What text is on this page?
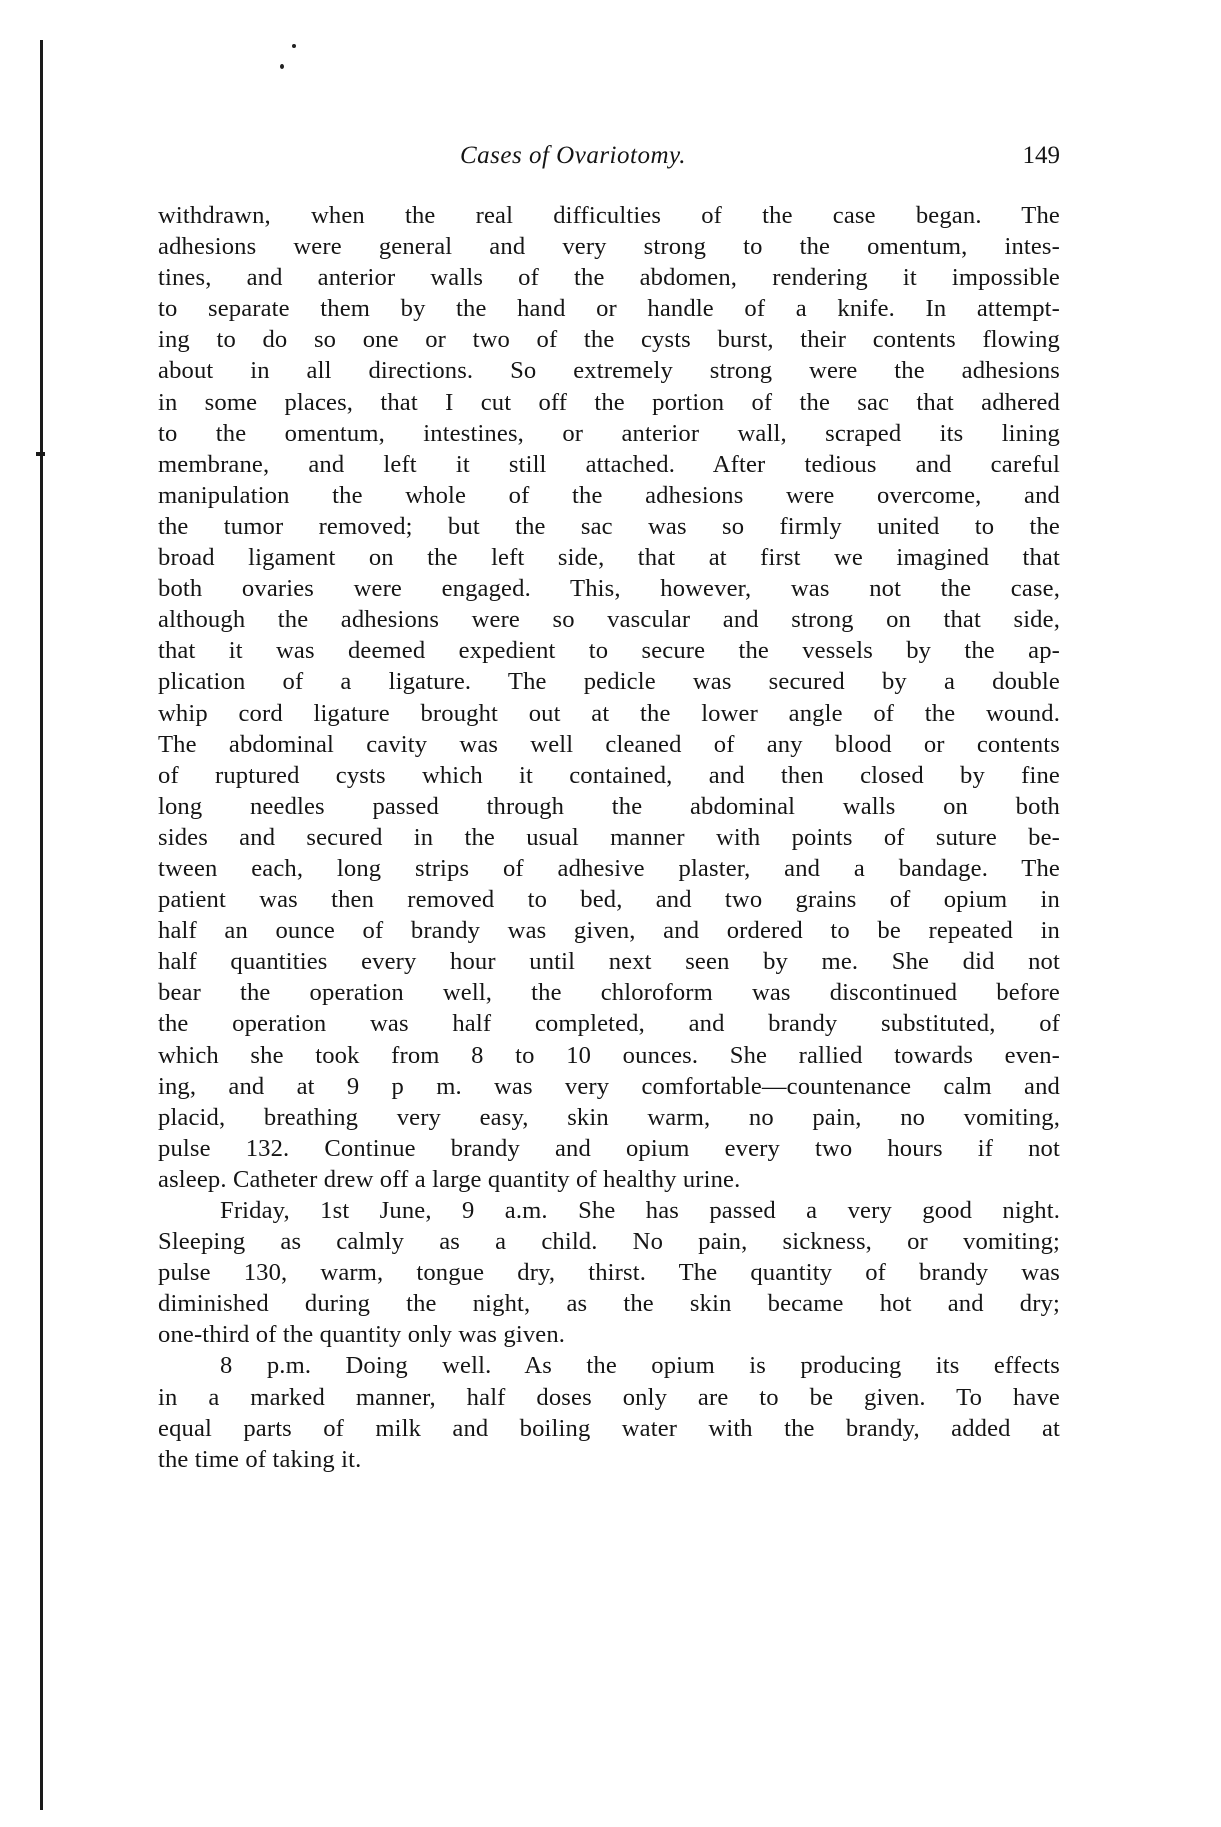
Cases of Ovariotomy.	149
withdrawn, when the real difficulties of the case began. The
adhesions were general and very strong to the omentum, intes-
tines, and anterior walls of the abdomen, rendering it impossible
to separate them by the hand or handle of a knife. In attempt-
ing to do so one or two of the cysts burst, their contents flowing
about in all directions. So extremely strong were the adhesions
in some places, that I cut off the portion of the sac that adhered
to the omentum, intestines, or anterior wall, scraped its lining
membrane, and left it still attached. After tedious and careful
manipulation the whole of the adhesions were overcome, and
the tumor removed; but the sac was so firmly united to the
broad ligament on the left side, that at first we imagined that
both ovaries were engaged. This, however, was not the case,
although the adhesions were so vascular and strong on that side,
that it was deemed expedient to secure the vessels by the ap-
plication of a ligature. The pedicle was secured by a double
whip cord ligature brought out at the lower angle of the wound.
The abdominal cavity was well cleaned of any blood or contents
of ruptured cysts which it contained, and then closed by fine
long needles passed through the abdominal walls on both
sides and secured in the usual manner with points of suture be-
tween each, long strips of adhesive plaster, and a bandage. The
patient was then removed to bed, and two grains of opium in
half an ounce of brandy was given, and ordered to be repeated in
half quantities every hour until next seen by me. She did not
bear the operation well, the chloroform was discontinued before
the operation was half completed, and brandy substituted, of
which she took from 8 to 10 ounces. She rallied towards even-
ing, and at 9 p m. was very comfortable—countenance calm and
placid, breathing very easy, skin warm, no pain, no vomiting,
pulse 132. Continue brandy and opium every two hours if not
asleep. Catheter drew off a large quantity of healthy urine.
Friday, 1st June, 9 a.m. She has passed a very good night.
Sleeping as calmly as a child. No pain, sickness, or vomiting;
pulse 130, warm, tongue dry, thirst. The quantity of brandy was
diminished during the night, as the skin became hot and dry;
one-third of the quantity only was given.
8 p.m. Doing well. As the opium is producing its effects
in a marked manner, half doses only are to be given. To have
equal parts of milk and boiling water with the brandy, added at
the time of taking it.
